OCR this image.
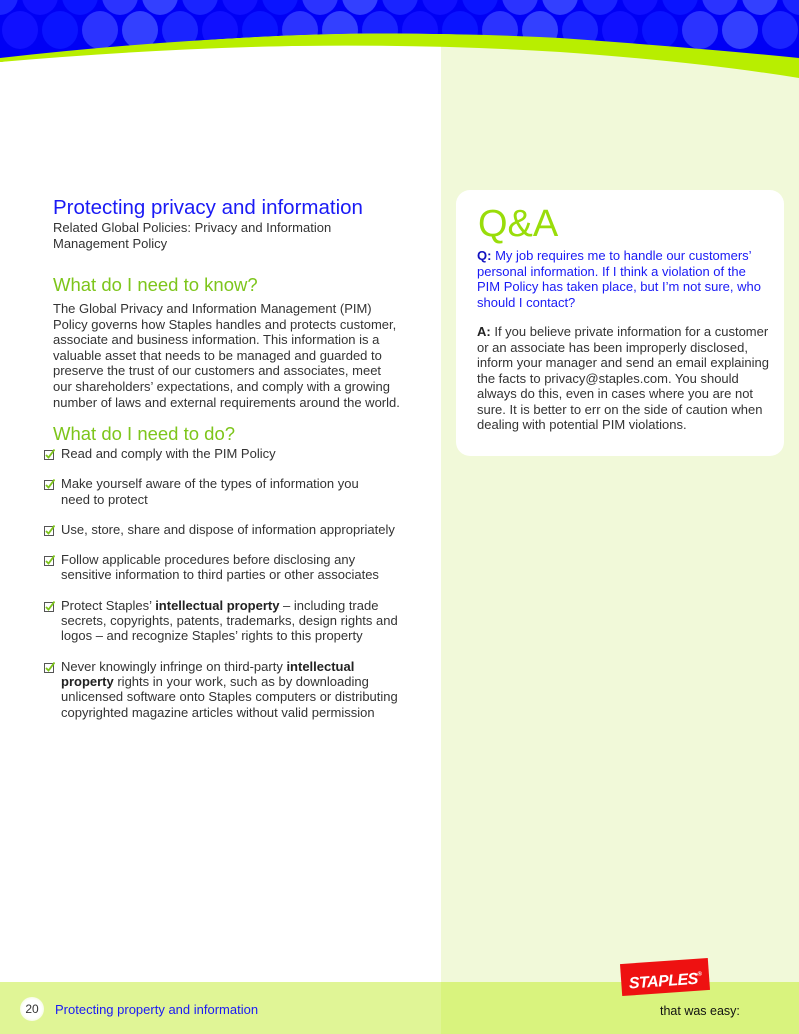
Protecting privacy and information

Related Global Policies: Privacy and Information

Management Policy

What do I need to know?

The Global Privacy and Information Management (PIM)

Policy governs how Staples handles and protects customer,

associate and business information. This information is a

valuable asset that needs to be managed and guarded to

preserve the trust of our customers and associates, meet

our shareholders’ expectations, and comply with a growing

number of laws and external requirements around the world.

What do I need to do?
Read and comply with the PIM Policy
Make yourself aware of the types of information you
need to protect
Use, store, share and dispose of information appropriately
Follow applicable procedures before disclosing any
sensitive information to third parties or other associates
Protect Staples’ intellectual property – including trade
secrets, copyrights, patents, trademarks, design rights and
logos – and recognize Staples’ rights to this property
Never knowingly infringe on third-party intellectual
property rights in your work, such as by downloading
unlicensed software onto Staples computers or distributing
copyrighted magazine articles without valid permission
Q&A
Q: My job requires me to handle our customers’
personal information. If I think a violation of the
PIM Policy has taken place, but I’m not sure, who
should I contact?
A: If you believe private information for a customer
or an associate has been improperly disclosed,
inform your manager and send an email explaining
the facts to privacy@staples.com. You should
always do this, even in cases where you are not
sure. It is better to err on the side of caution when
dealing with potential PIM violations.
20	Protecting property and information
STAPLES®
that was easy:
